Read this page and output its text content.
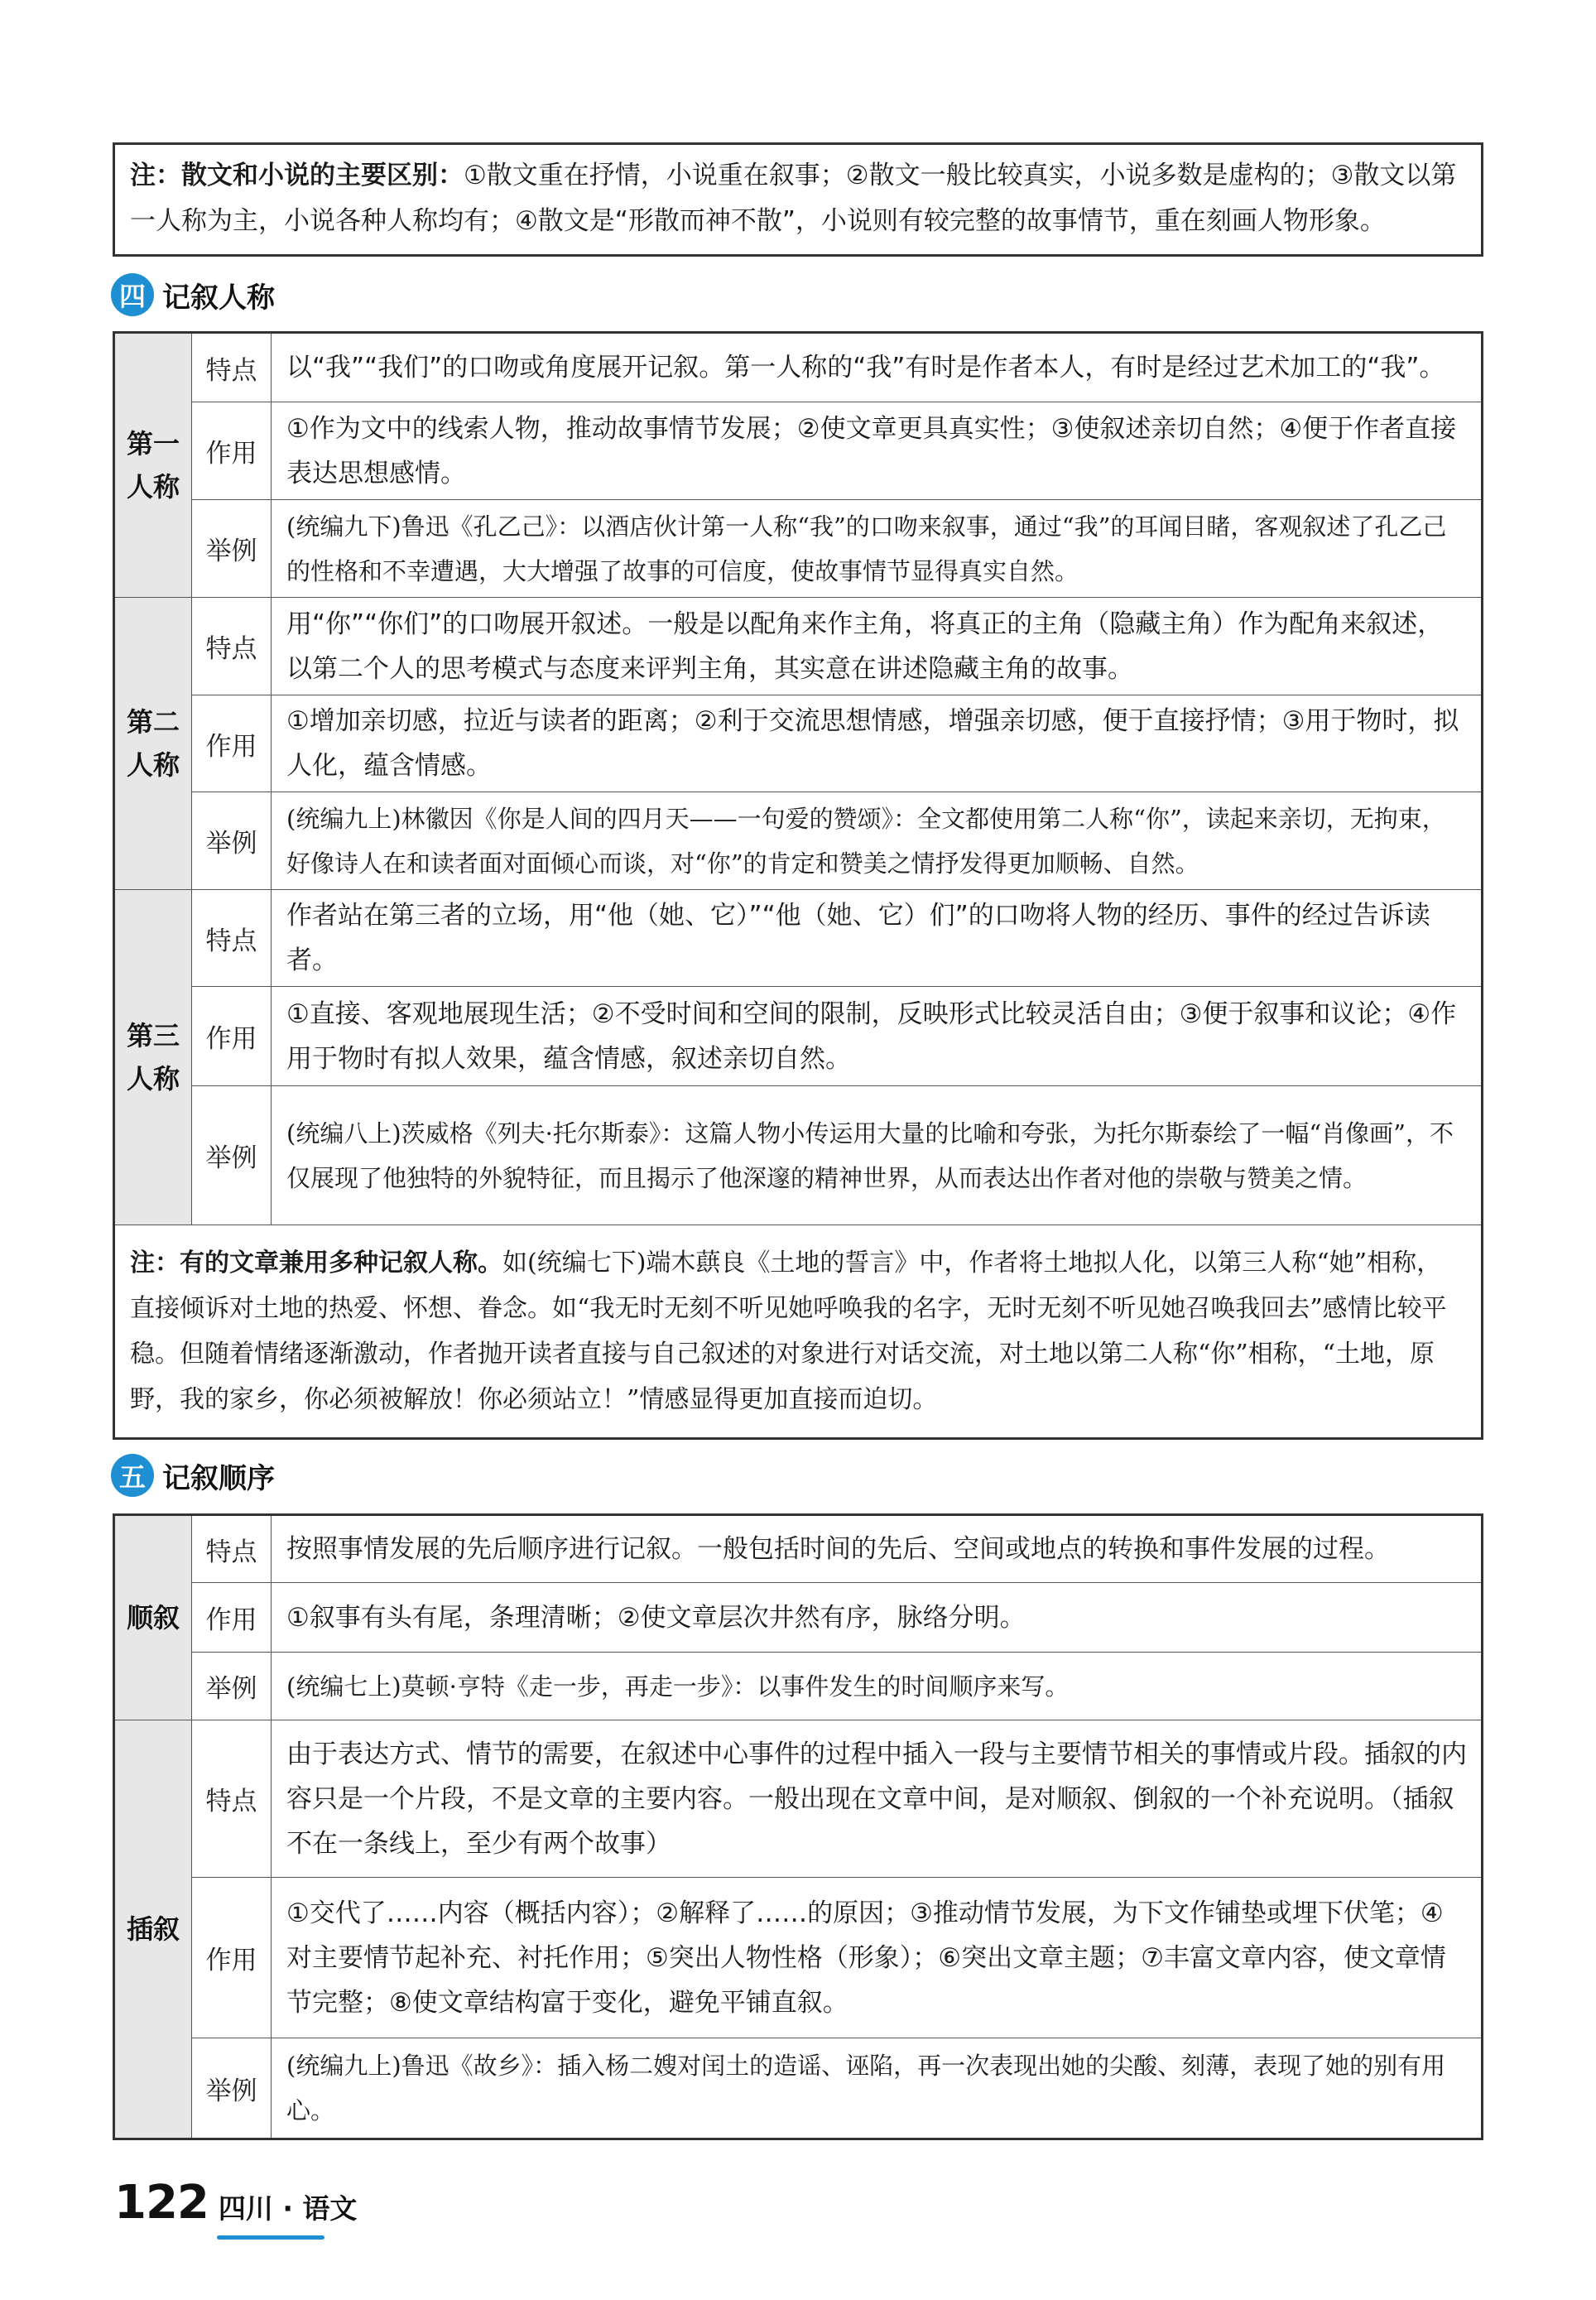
注：散文和小说的主要区别：①散文重在抒情，小说重在叙事；②散文一般比较真实，小说多数是虚构的；③散文以第一人称为主，小说各种人称均有；④散文是“形散而神不散”，小说则有较完整的故事情节，重在刻画人物形象。
四 记叙人称
第一人称	特点	以“我”“我们”的口吻或角度展开记叙。第一人称的“我”有时是作者本人，有时是经过艺术加工的“我”。
	作用	①作为文中的线索人物，推动故事情节发展；②使文章更具真实性；③使叙述亲切自然；④便于作者直接表达思想感情。
	举例	(统编九下)鲁迅《孔乙己》：以酒店伙计第一人称“我”的口吻来叙事，通过“我”的耳闻目睹，客观叙述了孔乙己的性格和不幸遭遇，大大增强了故事的可信度，使故事情节显得真实自然。
第二人称	特点	用“你”“你们”的口吻展开叙述。一般是以配角来作主角，将真正的主角（隐藏主角）作为配角来叙述，以第二个人的思考模式与态度来评判主角，其实意在讲述隐藏主角的故事。
	作用	①增加亲切感，拉近与读者的距离；②利于交流思想情感，增强亲切感，便于直接抒情；③用于物时，拟人化，蕴含情感。
	举例	(统编九上)林徽因《你是人间的四月天——一句爱的赞颂》：全文都使用第二人称“你”，读起来亲切，无拘束，好像诗人在和读者面对面倾心而谈，对“你”的肯定和赞美之情抒发得更加顺畅、自然。
第三人称	特点	作者站在第三者的立场，用“他（她、它）”“他（她、它）们”的口吻将人物的经历、事件的经过告诉读者。
	作用	①直接、客观地展现生活；②不受时间和空间的限制，反映形式比较灵活自由；③便于叙事和议论；④作用于物时有拟人效果，蕴含情感，叙述亲切自然。
	举例	(统编八上)茨威格《列夫·托尔斯泰》：这篇人物小传运用大量的比喻和夸张，为托尔斯泰绘了一幅“肖像画”，不仅展现了他独特的外貌特征，而且揭示了他深邃的精神世界，从而表达出作者对他的崇敬与赞美之情。
注：有的文章兼用多种记叙人称。如(统编七下)端木蕻良《土地的誓言》中，作者将土地拟人化，以第三人称“她”相称，直接倾诉对土地的热爱、怀想、眷念。如“我无时无刻不听见她呼唤我的名字，无时无刻不听见她召唤我回去”感情比较平稳。但随着情绪逐渐激动，作者抛开读者直接与自己叙述的对象进行对话交流，对土地以第二人称“你”相称，“土地，原野，我的家乡，你必须被解放！你必须站立！”情感显得更加直接而迫切。		
五 记叙顺序
顺叙	特点	按照事情发展的先后顺序进行记叙。一般包括时间的先后、空间或地点的转换和事件发展的过程。
	作用	①叙事有头有尾，条理清晰；②使文章层次井然有序，脉络分明。
	举例	(统编七上)莫顿·亨特《走一步，再走一步》：以事件发生的时间顺序来写。
插叙	特点	由于表达方式、情节的需要，在叙述中心事件的过程中插入一段与主要情节相关的事情或片段。插叙的内容只是一个片段，不是文章的主要内容。一般出现在文章中间，是对顺叙、倒叙的一个补充说明。（插叙不在一条线上，至少有两个故事）
	作用	①交代了……内容（概括内容）；②解释了……的原因；③推动情节发展，为下文作铺垫或埋下伏笔；④对主要情节起补充、衬托作用；⑤突出人物性格（形象）；⑥突出文章主题；⑦丰富文章内容，使文章情节完整；⑧使文章结构富于变化，避免平铺直叙。
	举例	(统编九上)鲁迅《故乡》：插入杨二嫂对闰土的造谣、诬陷，再一次表现出她的尖酸、刻薄，表现了她的别有用心。
122 四川 · 语文
